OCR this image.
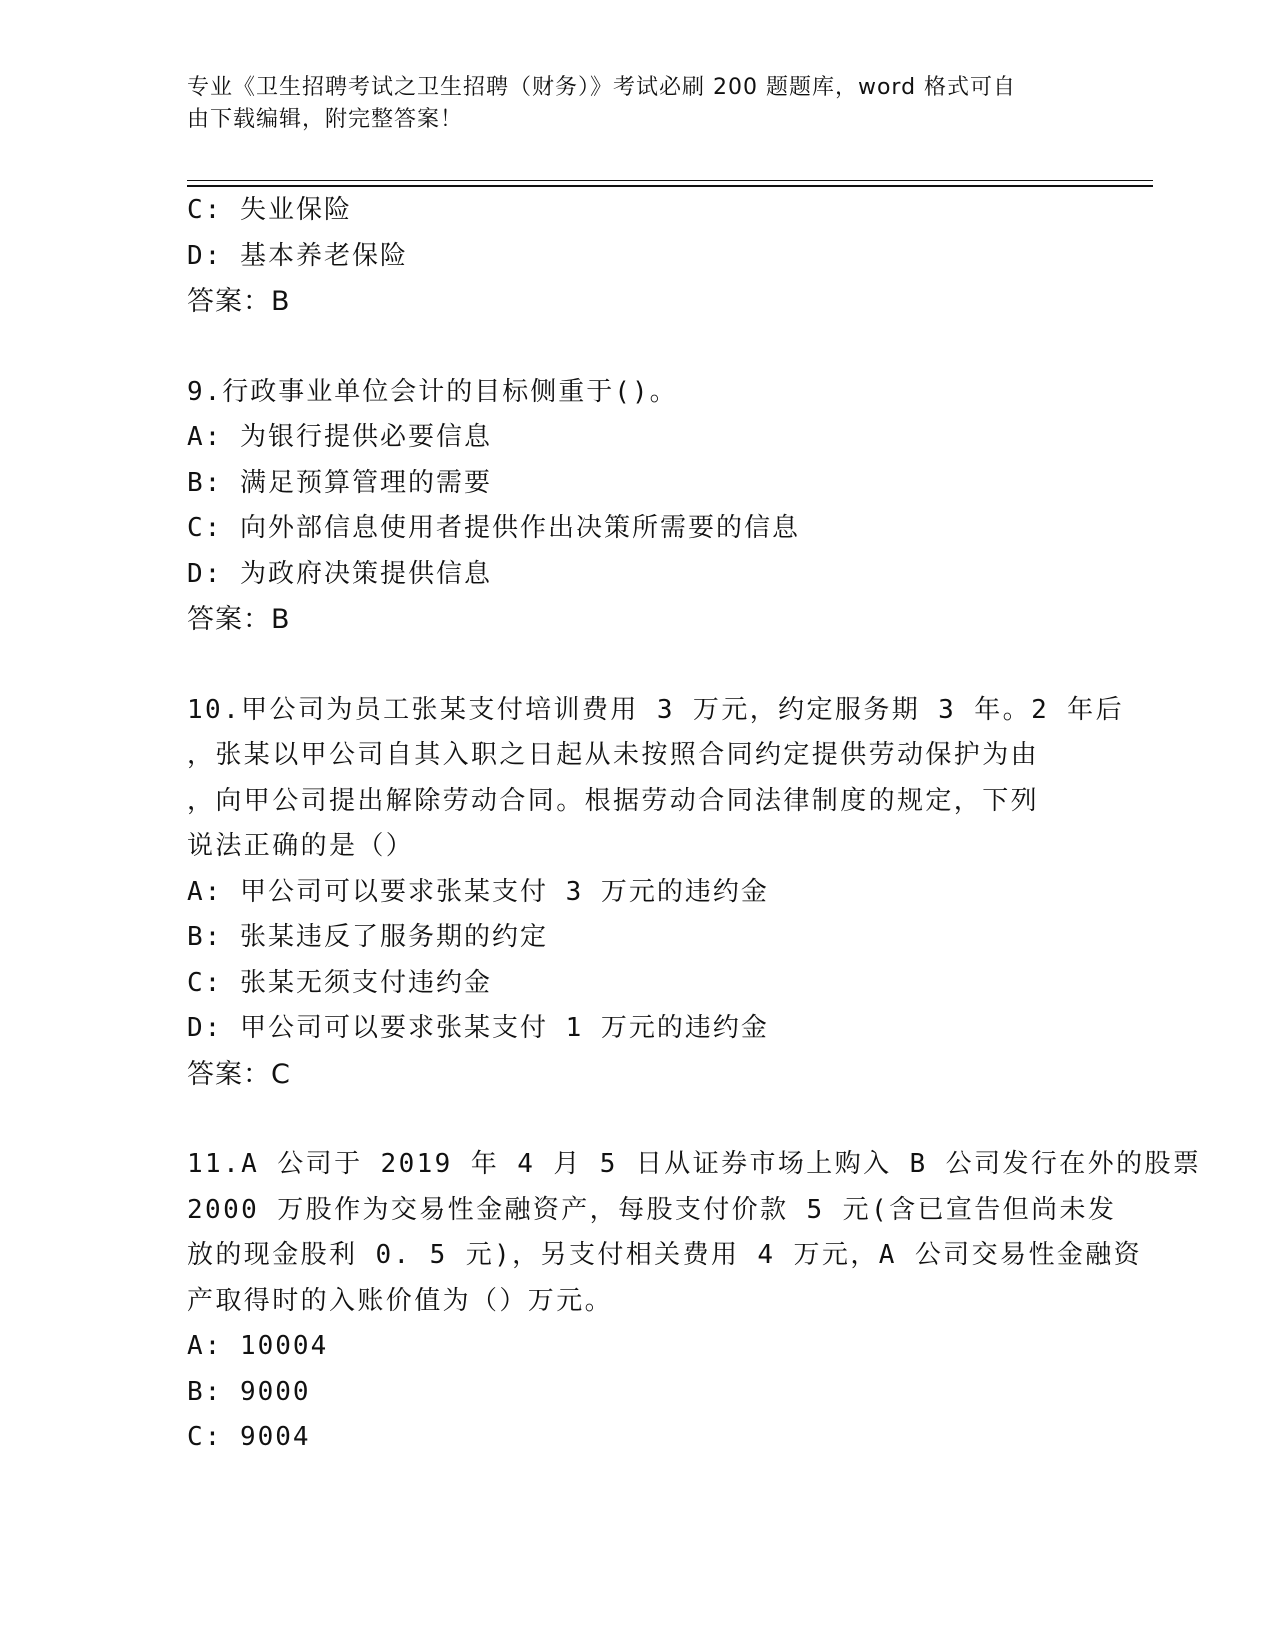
专业《卫生招聘考试之卫生招聘（财务）》考试必刷 200 题题库，word 格式可自
由下载编辑，附完整答案！
C: 失业保险
D: 基本养老保险
答案：B
9.行政事业单位会计的目标侧重于()。
A: 为银行提供必要信息
B: 满足预算管理的需要
C: 向外部信息使用者提供作出决策所需要的信息
D: 为政府决策提供信息
答案：B
10.甲公司为员工张某支付培训费用 3 万元，约定服务期 3 年。2 年后
，张某以甲公司自其入职之日起从未按照合同约定提供劳动保护为由
，向甲公司提出解除劳动合同。根据劳动合同法律制度的规定，下列
说法正确的是（）
A: 甲公司可以要求张某支付 3 万元的违约金
B: 张某违反了服务期的约定
C: 张某无须支付违约金
D: 甲公司可以要求张某支付 1 万元的违约金
答案：C
11.A 公司于 2019 年 4 月 5 日从证券市场上购入 B 公司发行在外的股票
2000 万股作为交易性金融资产，每股支付价款 5 元(含已宣告但尚未发
放的现金股利 0. 5 元)，另支付相关费用 4 万元，A 公司交易性金融资
产取得时的入账价值为（）万元。
A: 10004
B: 9000
C: 9004
